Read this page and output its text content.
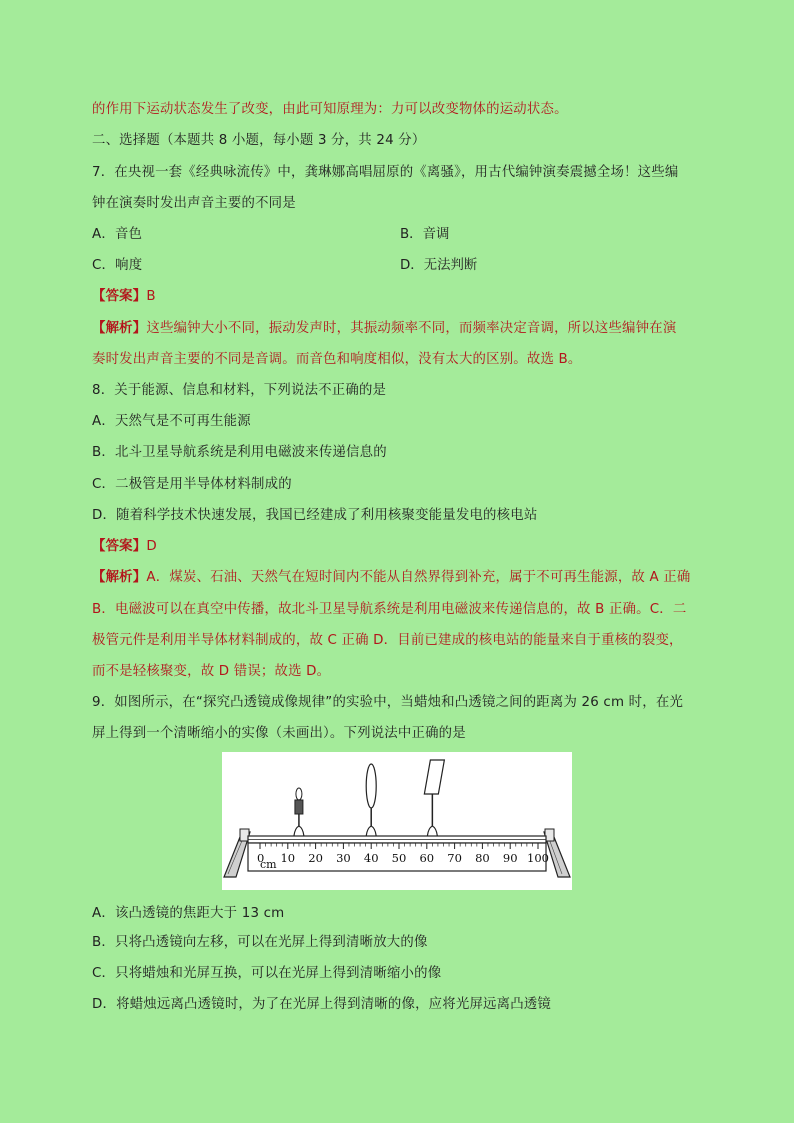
的作用下运动状态发生了改变，由此可知原理为：力可以改变物体的运动状态。
二、选择题（本题共 8 小题，每小题 3 分，共 24 分）
7．在央视一套《经典咏流传》中，龚琳娜高唱屈原的《离骚》，用古代编钟演奏震撼全场！这些编
钟在演奏时发出声音主要的不同是
A．音色	B．音调
C．响度	D．无法判断
【答案】B
【解析】这些编钟大小不同，振动发声时，其振动频率不同，而频率决定音调，所以这些编钟在演
奏时发出声音主要的不同是音调。而音色和响度相似，没有太大的区别。故选 B。
8．关于能源、信息和材料，下列说法不正确的是
A．天然气是不可再生能源
B．北斗卫星导航系统是利用电磁波来传递信息的
C．二极管是用半导体材料制成的
D．随着科学技术快速发展，我国已经建成了利用核聚变能量发电的核电站
【答案】D
【解析】A．煤炭、石油、天然气在短时间内不能从自然界得到补充，属于不可再生能源，故 A 正确
B．电磁波可以在真空中传播，故北斗卫星导航系统是利用电磁波来传递信息的，故 B 正确。C．二
极管元件是利用半导体材料制成的，故 C 正确 D．目前已建成的核电站的能量来自于重核的裂变，
而不是轻核聚变，故 D 错误；故选 D。
9．如图所示，在“探究凸透镜成像规律”的实验中，当蜡烛和凸透镜之间的距离为 26 cm 时，在光
屏上得到一个清晰缩小的实像（未画出）。下列说法中正确的是
0 10 20 30 40 50 60 70 80 90 100
cm
A．该凸透镜的焦距大于 13 cm
B．只将凸透镜向左移，可以在光屏上得到清晰放大的像
C．只将蜡烛和光屏互换，可以在光屏上得到清晰缩小的像
D．将蜡烛远离凸透镜时，为了在光屏上得到清晰的像，应将光屏远离凸透镜
